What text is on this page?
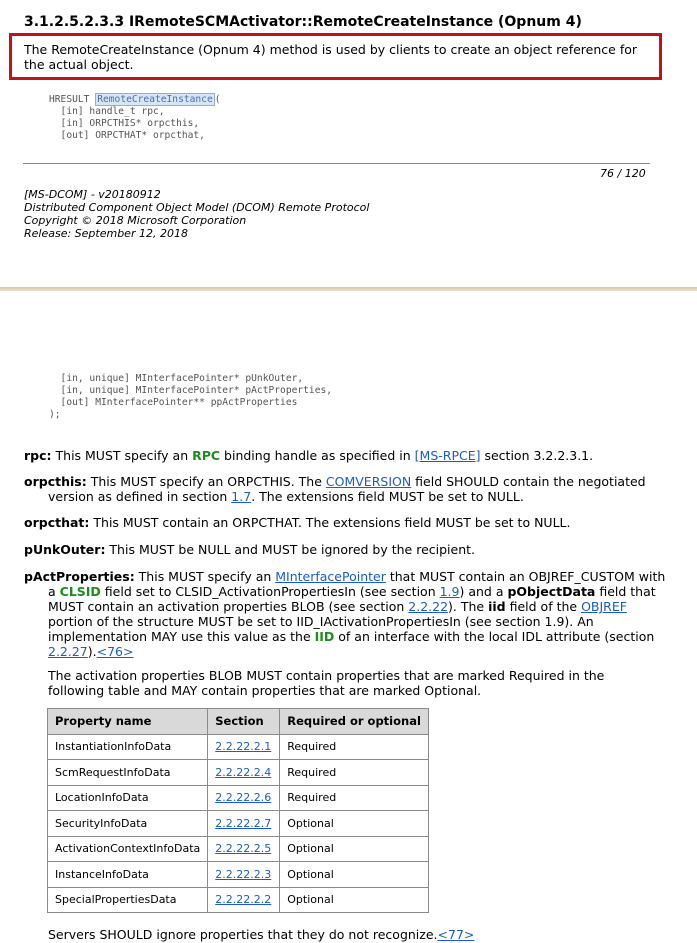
3.1.2.5.2.3.3 IRemoteSCMActivator::RemoteCreateInstance (Opnum 4)
The RemoteCreateInstance (Opnum 4) method is used by clients to create an object reference for the actual object.
HRESULT RemoteCreateInstance (
[in] handle_t rpc,
[in] ORPCTHIS* orpcthis,
[out] ORPCTHAT* orpcthat,
76 / 120
[MS-DCOM] - v20180912
Distributed Component Object Model (DCOM) Remote Protocol
Copyright © 2018 Microsoft Corporation
Release: September 12, 2018
[in, unique] MInterfacePointer* pUnkOuter,
[in, unique] MInterfacePointer* pActProperties,
[out] MInterfacePointer** ppActProperties
);
rpc: This MUST specify an RPC binding handle as specified in [MS-RPCE] section 3.2.2.3.1.
orpcthis: This MUST specify an ORPCTHIS. The COMVERSION field SHOULD contain the negotiated version as defined in section 1.7. The extensions field MUST be set to NULL.
orpcthat: This MUST contain an ORPCTHAT. The extensions field MUST be set to NULL.
pUnkOuter: This MUST be NULL and MUST be ignored by the recipient.
pActProperties: This MUST specify an MInterfacePointer that MUST contain an OBJREF_CUSTOM with a CLSID field set to CLSID_ActivationPropertiesIn (see section 1.9) and a pObjectData field that MUST contain an activation properties BLOB (see section 2.2.22). The iid field of the OBJREF portion of the structure MUST be set to IID_IActivationPropertiesIn (see section 1.9). An implementation MAY use this value as the IID of an interface with the local IDL attribute (section 2.2.27).<76>
The activation properties BLOB MUST contain properties that are marked Required in the following table and MAY contain properties that are marked Optional.
Property name	Section	Required or optional
InstantiationInfoData	2.2.22.2.1	Required
ScmRequestInfoData	2.2.22.2.4	Required
LocationInfoData	2.2.22.2.6	Required
SecurityInfoData	2.2.22.2.7	Optional
ActivationContextInfoData	2.2.22.2.5	Optional
InstanceInfoData	2.2.22.2.3	Optional
SpecialPropertiesData	2.2.22.2.2	Optional
Servers SHOULD ignore properties that they do not recognize.<77>
